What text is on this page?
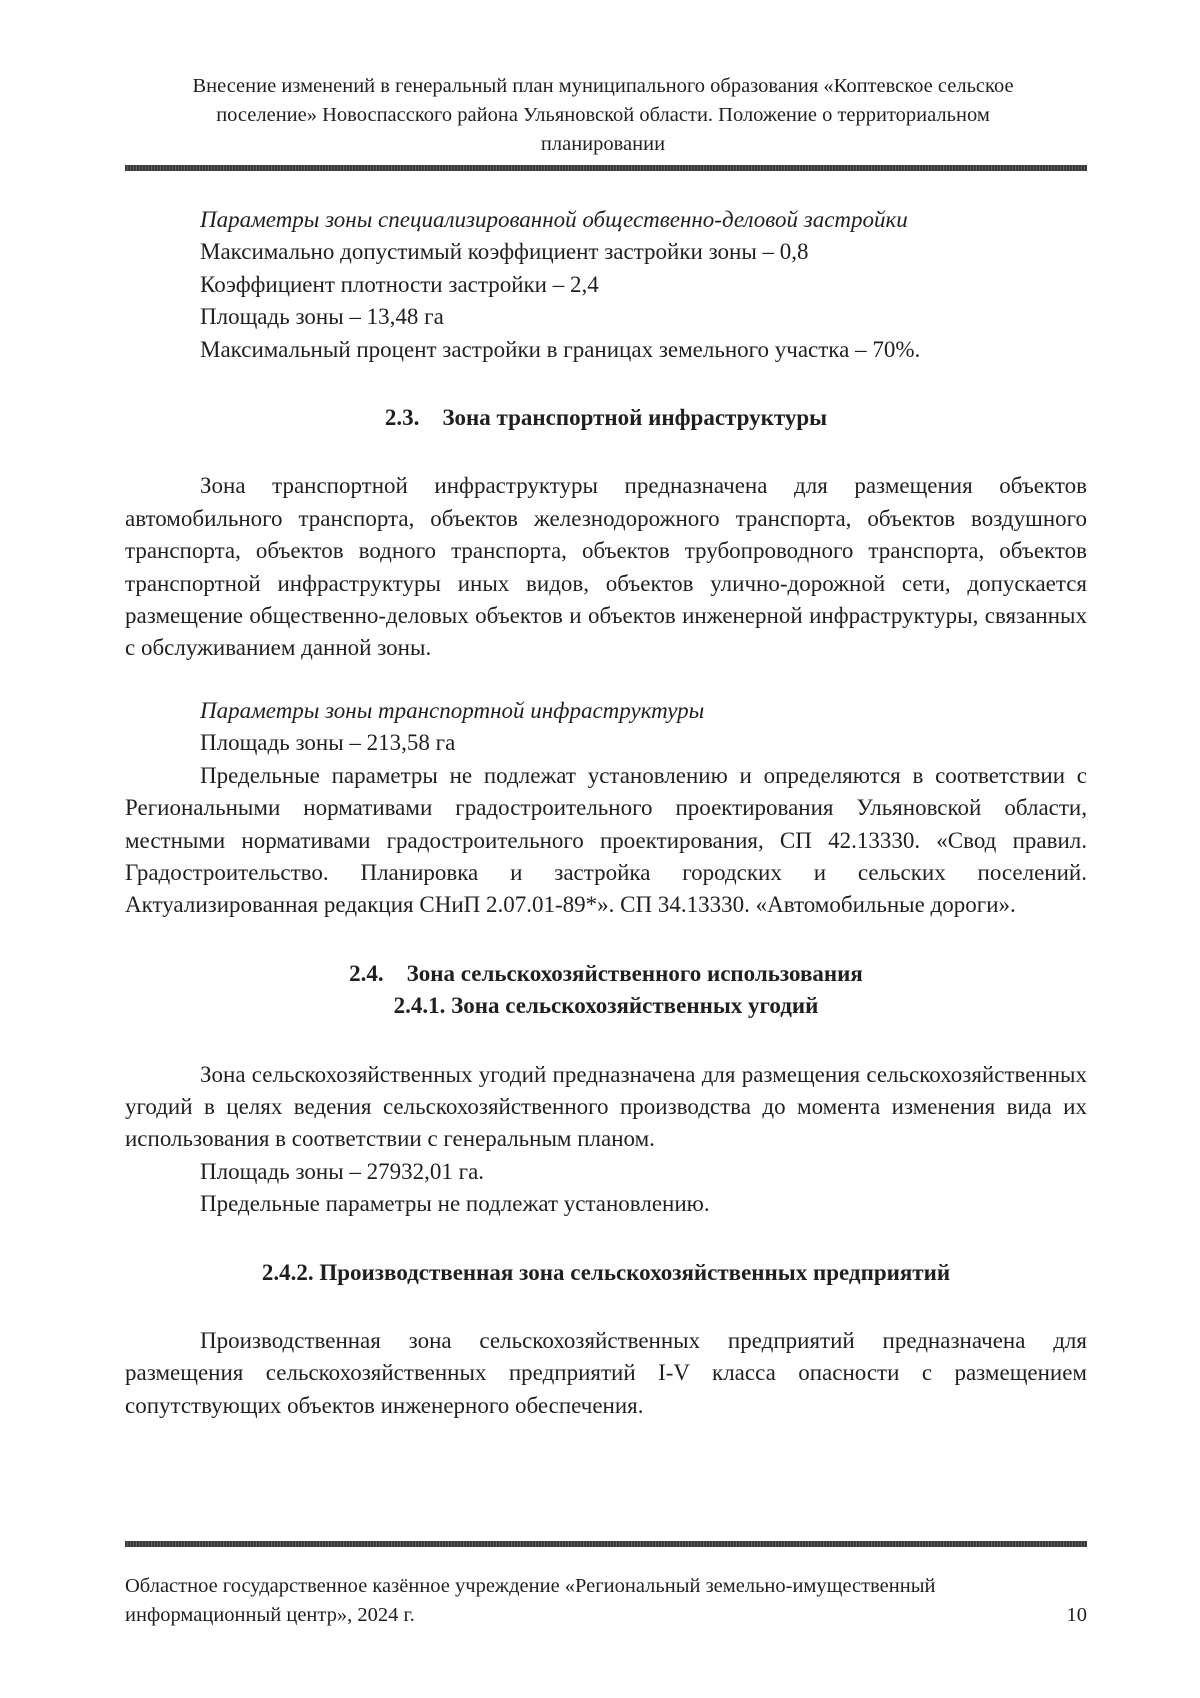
Внесение изменений в генеральный план муниципального образования «Коптевское сельское
поселение» Новоспасского района Ульяновской области. Положение о территориальном
планировании

Параметры зоны специализированной общественно-деловой застройки

Максимально допустимый коэффициент застройки зоны – 0,8

Коэффициент плотности застройки – 2,4

Площадь зоны – 13,48 га

Максимальный процент застройки в границах земельного участка – 70%.

2.3.    Зона транспортной инфраструктуры

Зона транспортной инфраструктуры предназначена для размещения объектов автомобильного транспорта, объектов железнодорожного транспорта, объектов воздушного транспорта, объектов водного транспорта, объектов трубопроводного транспорта, объектов транспортной инфраструктуры иных видов, объектов улично-дорожной сети, допускается размещение общественно-деловых объектов и объектов инженерной инфраструктуры, связанных с обслуживанием данной зоны.

Параметры зоны транспортной инфраструктуры

Площадь зоны – 213,58 га

Предельные параметры не подлежат установлению и определяются в соответствии с Региональными нормативами градостроительного проектирования Ульяновской области, местными нормативами градостроительного проектирования, СП 42.13330. «Свод правил. Градостроительство. Планировка и застройка городских и сельских поселений. Актуализированная редакция СНиП 2.07.01-89*». СП 34.13330. «Автомобильные дороги».

2.4.    Зона сельскохозяйственного использования

2.4.1. Зона сельскохозяйственных угодий

Зона сельскохозяйственных угодий предназначена для размещения сельскохозяйственных угодий в целях ведения сельскохозяйственного производства до момента изменения вида их использования в соответствии с генеральным планом.

Площадь зоны – 27932,01 га.

Предельные параметры не подлежат установлению.

2.4.2. Производственная зона сельскохозяйственных предприятий

Производственная зона сельскохозяйственных предприятий предназначена для размещения сельскохозяйственных предприятий I-V класса опасности с размещением сопутствующих объектов инженерного обеспечения.

Областное государственное казённое учреждение «Региональный земельно-имущественный
информационный центр», 2024 г.	10
